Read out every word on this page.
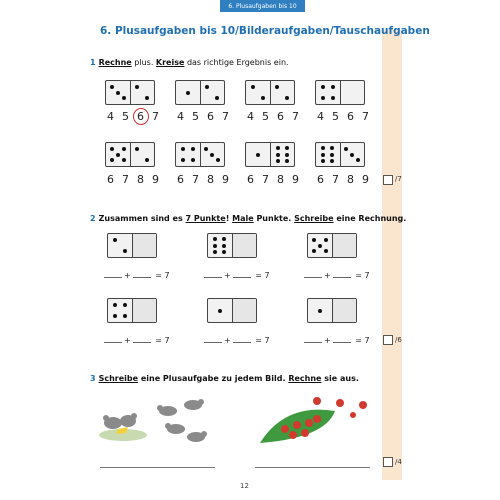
6. Plusaufgaben bis 10
6. Plusaufgaben bis 10/Bilderaufgaben/Tauschaufgaben
1 Rechne plus. Kreise das richtige Ergebnis ein.
/7
2 Zusammen sind es 7 Punkte! Male Punkte. Schreibe eine Rechnung.
/6
3 Schreibe eine Plusaufgabe zu jedem Bild. Rechne sie aus.
/4
12
4 5 6 7 4 5 6 7 4 5 6 7 4 5 6 7
6 7 8 9 6 7 8 9 6 7 8 9 6 7 8 9
+	= 7	+	= 7	+	= 7
+	= 7	+	= 7	+	= 7
